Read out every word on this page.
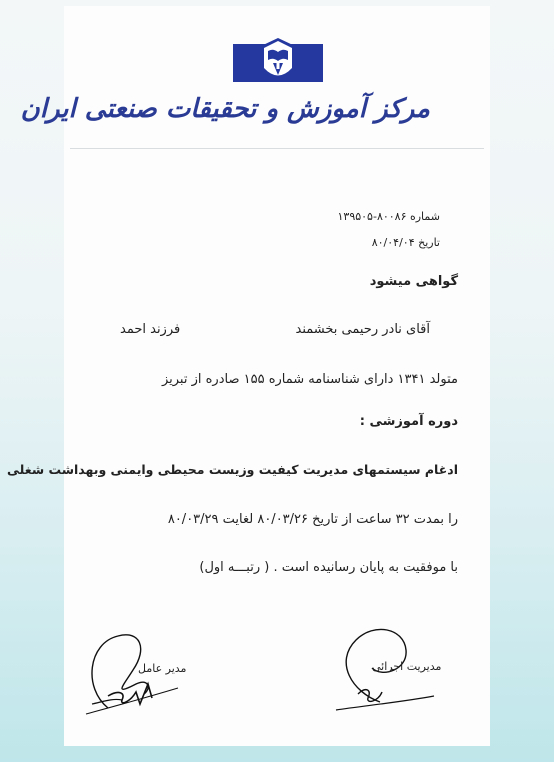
مرکز آموزش و تحقیقات صنعتی ایران
شماره ۸۰۰۸۶-۱۳۹۵۰۵
تاریخ ۸۰/۰۴/۰۴
گواهی میشود
آقای نادر رحیمی بخشمند
فرزند احمد
متولد ۱۳۴۱ دارای شناسنامه شماره ۱۵۵ صادره از تبریز
دوره آموزشی :
ادغام سیستمهای مدیریت کیفیت وزیست محیطی وایمنی وبهداشت شغلی
را بمدت ۳۲ ساعت از تاریخ ۸۰/۰۳/۲۶ لغایت ۸۰/۰۳/۲۹
با موفقیت به پایان رسانیده است . ( رتبـــه اول)
مدیر عامل	مدیریت اجرائی
